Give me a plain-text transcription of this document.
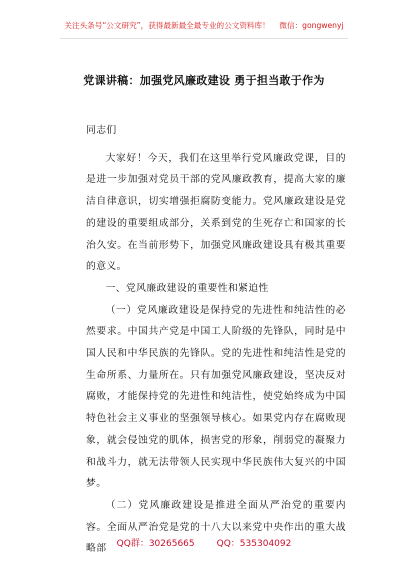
关注头条号“公文研究”，获得最新最全最专业的公文资料库！ 微信：gongwenyj
党课讲稿：加强党风廉政建设 勇于担当敢于作为

同志们

大家好！今天，我们在这里举行党风廉政党课，目的是进一步加强对党员干部的党风廉政教育，提高大家的廉洁自律意识，切实增强拒腐防变能力。党风廉政建设是党的建设的重要组成部分，关系到党的生死存亡和国家的长治久安。在当前形势下，加强党风廉政建设具有极其重要的意义。

一、党风廉政建设的重要性和紧迫性

（一）党风廉政建设是保持党的先进性和纯洁性的必然要求。中国共产党是中国工人阶级的先锋队，同时是中国人民和中华民族的先锋队。党的先进性和纯洁性是党的生命所系、力量所在。只有加强党风廉政建设，坚决反对腐败，才能保持党的先进性和纯洁性，使党始终成为中国特色社会主义事业的坚强领导核心。如果党内存在腐败现象，就会侵蚀党的肌体，损害党的形象，削弱党的凝聚力和战斗力，就无法带领人民实现中华民族伟大复兴的中国梦。

（二）党风廉政建设是推进全面从严治党的重要内容。全面从严治党是党的十八大以来党中央作出的重大战略部	QQ群：30265665 QQ：535304092
